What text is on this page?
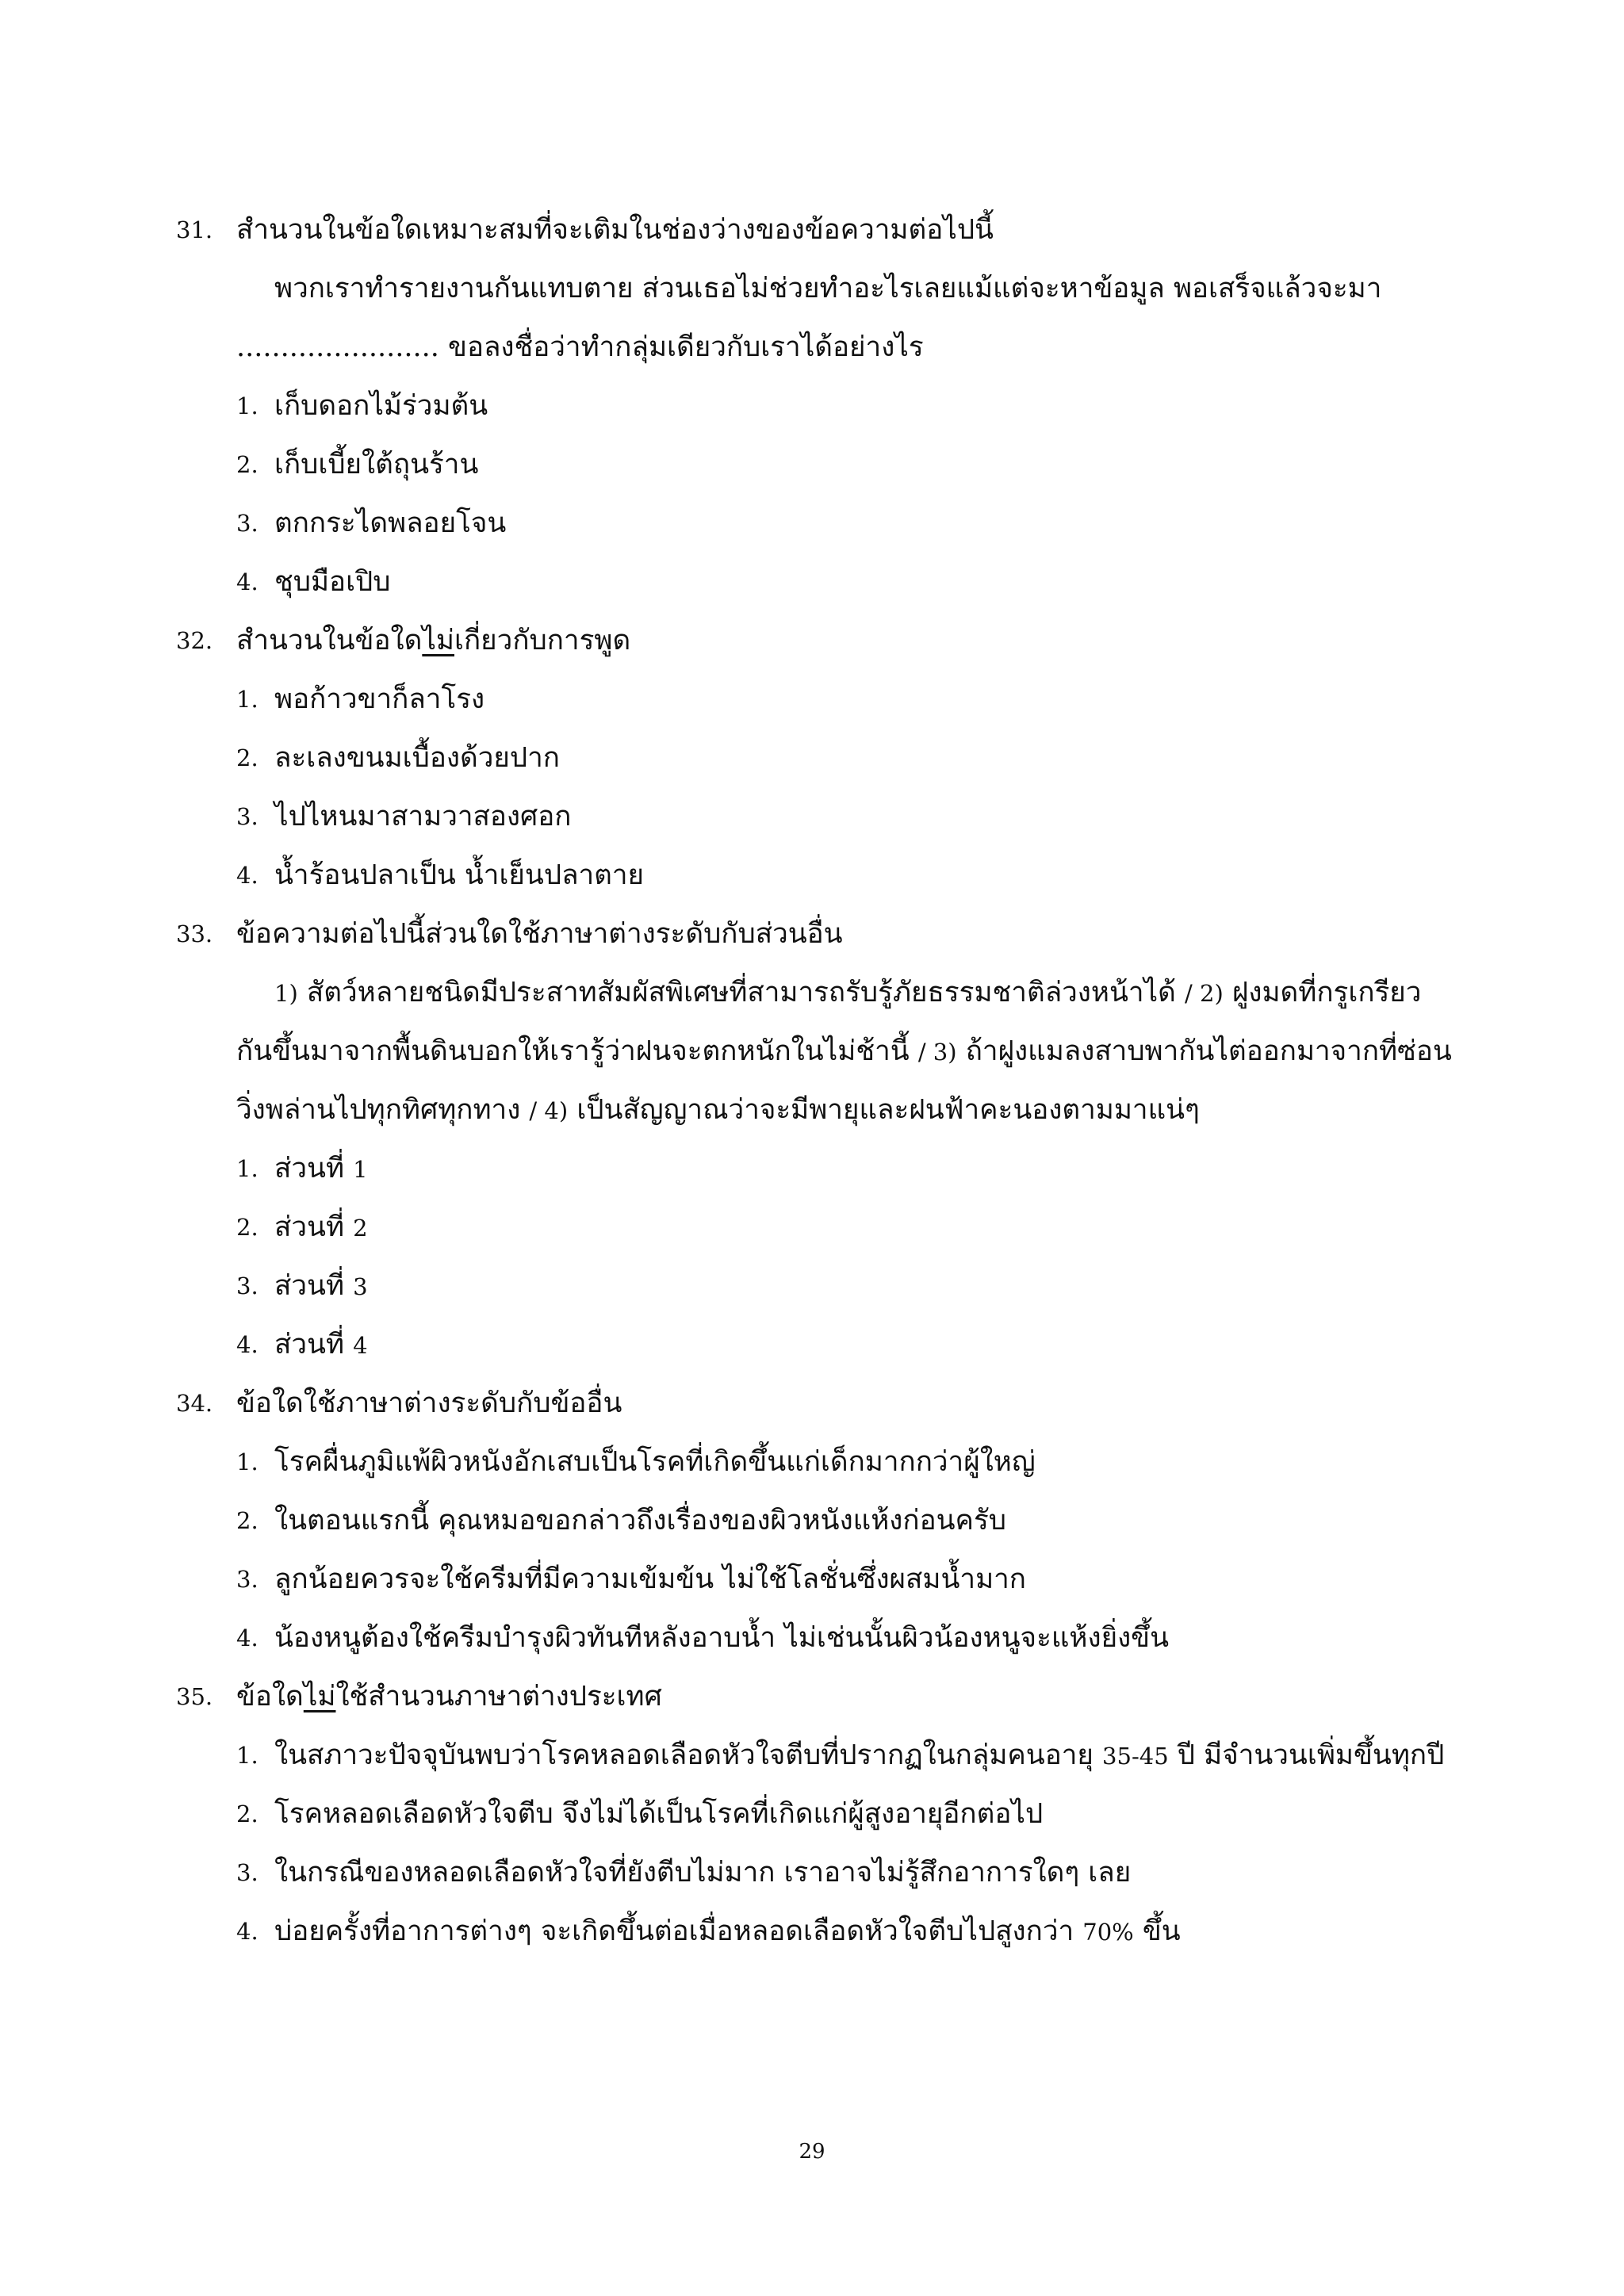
31. สำนวนในข้อใดเหมาะสมที่จะเติมในช่องว่างของข้อความต่อไปนี้
พวกเราทำรายงานกันแทบตาย ส่วนเธอไม่ช่วยทำอะไรเลยแม้แต่จะหาข้อมูล พอเสร็จแล้วจะมา
....................... ขอลงชื่อว่าทำกลุ่มเดียวกับเราได้อย่างไร
1. เก็บดอกไม้ร่วมต้น
2. เก็บเบี้ยใต้ถุนร้าน
3. ตกกระไดพลอยโจน
4. ชุบมือเปิบ
32. สำนวนในข้อใดไม่เกี่ยวกับการพูด
1. พอก้าวขาก็ลาโรง
2. ละเลงขนมเบื้องด้วยปาก
3. ไปไหนมาสามวาสองศอก
4. น้ำร้อนปลาเป็น น้ำเย็นปลาตาย
33. ข้อความต่อไปนี้ส่วนใดใช้ภาษาต่างระดับกับส่วนอื่น
1) สัตว์หลายชนิดมีประสาทสัมผัสพิเศษที่สามารถรับรู้ภัยธรรมชาติล่วงหน้าได้ / 2) ฝูงมดที่กรูเกรียว
กันขึ้นมาจากพื้นดินบอกให้เรารู้ว่าฝนจะตกหนักในไม่ช้านี้ / 3) ถ้าฝูงแมลงสาบพากันไต่ออกมาจากที่ซ่อน
วิ่งพล่านไปทุกทิศทุกทาง / 4) เป็นสัญญาณว่าจะมีพายุและฝนฟ้าคะนองตามมาแน่ๆ
1. ส่วนที่ 1
2. ส่วนที่ 2
3. ส่วนที่ 3
4. ส่วนที่ 4
34. ข้อใดใช้ภาษาต่างระดับกับข้ออื่น
1. โรคผื่นภูมิแพ้ผิวหนังอักเสบเป็นโรคที่เกิดขึ้นแก่เด็กมากกว่าผู้ใหญ่
2. ในตอนแรกนี้ คุณหมอขอกล่าวถึงเรื่องของผิวหนังแห้งก่อนครับ
3. ลูกน้อยควรจะใช้ครีมที่มีความเข้มข้น ไม่ใช้โลชั่นซึ่งผสมน้ำมาก
4. น้องหนูต้องใช้ครีมบำรุงผิวทันทีหลังอาบน้ำ ไม่เช่นนั้นผิวน้องหนูจะแห้งยิ่งขึ้น
35. ข้อใดไม่ใช้สำนวนภาษาต่างประเทศ
1. ในสภาวะปัจจุบันพบว่าโรคหลอดเลือดหัวใจตีบที่ปรากฏในกลุ่มคนอายุ 35-45 ปี มีจำนวนเพิ่มขึ้นทุกปี
2. โรคหลอดเลือดหัวใจตีบ จึงไม่ได้เป็นโรคที่เกิดแก่ผู้สูงอายุอีกต่อไป
3. ในกรณีของหลอดเลือดหัวใจที่ยังตีบไม่มาก เราอาจไม่รู้สึกอาการใดๆ เลย
4. บ่อยครั้งที่อาการต่างๆ จะเกิดขึ้นต่อเมื่อหลอดเลือดหัวใจตีบไปสูงกว่า 70% ขึ้น
29
